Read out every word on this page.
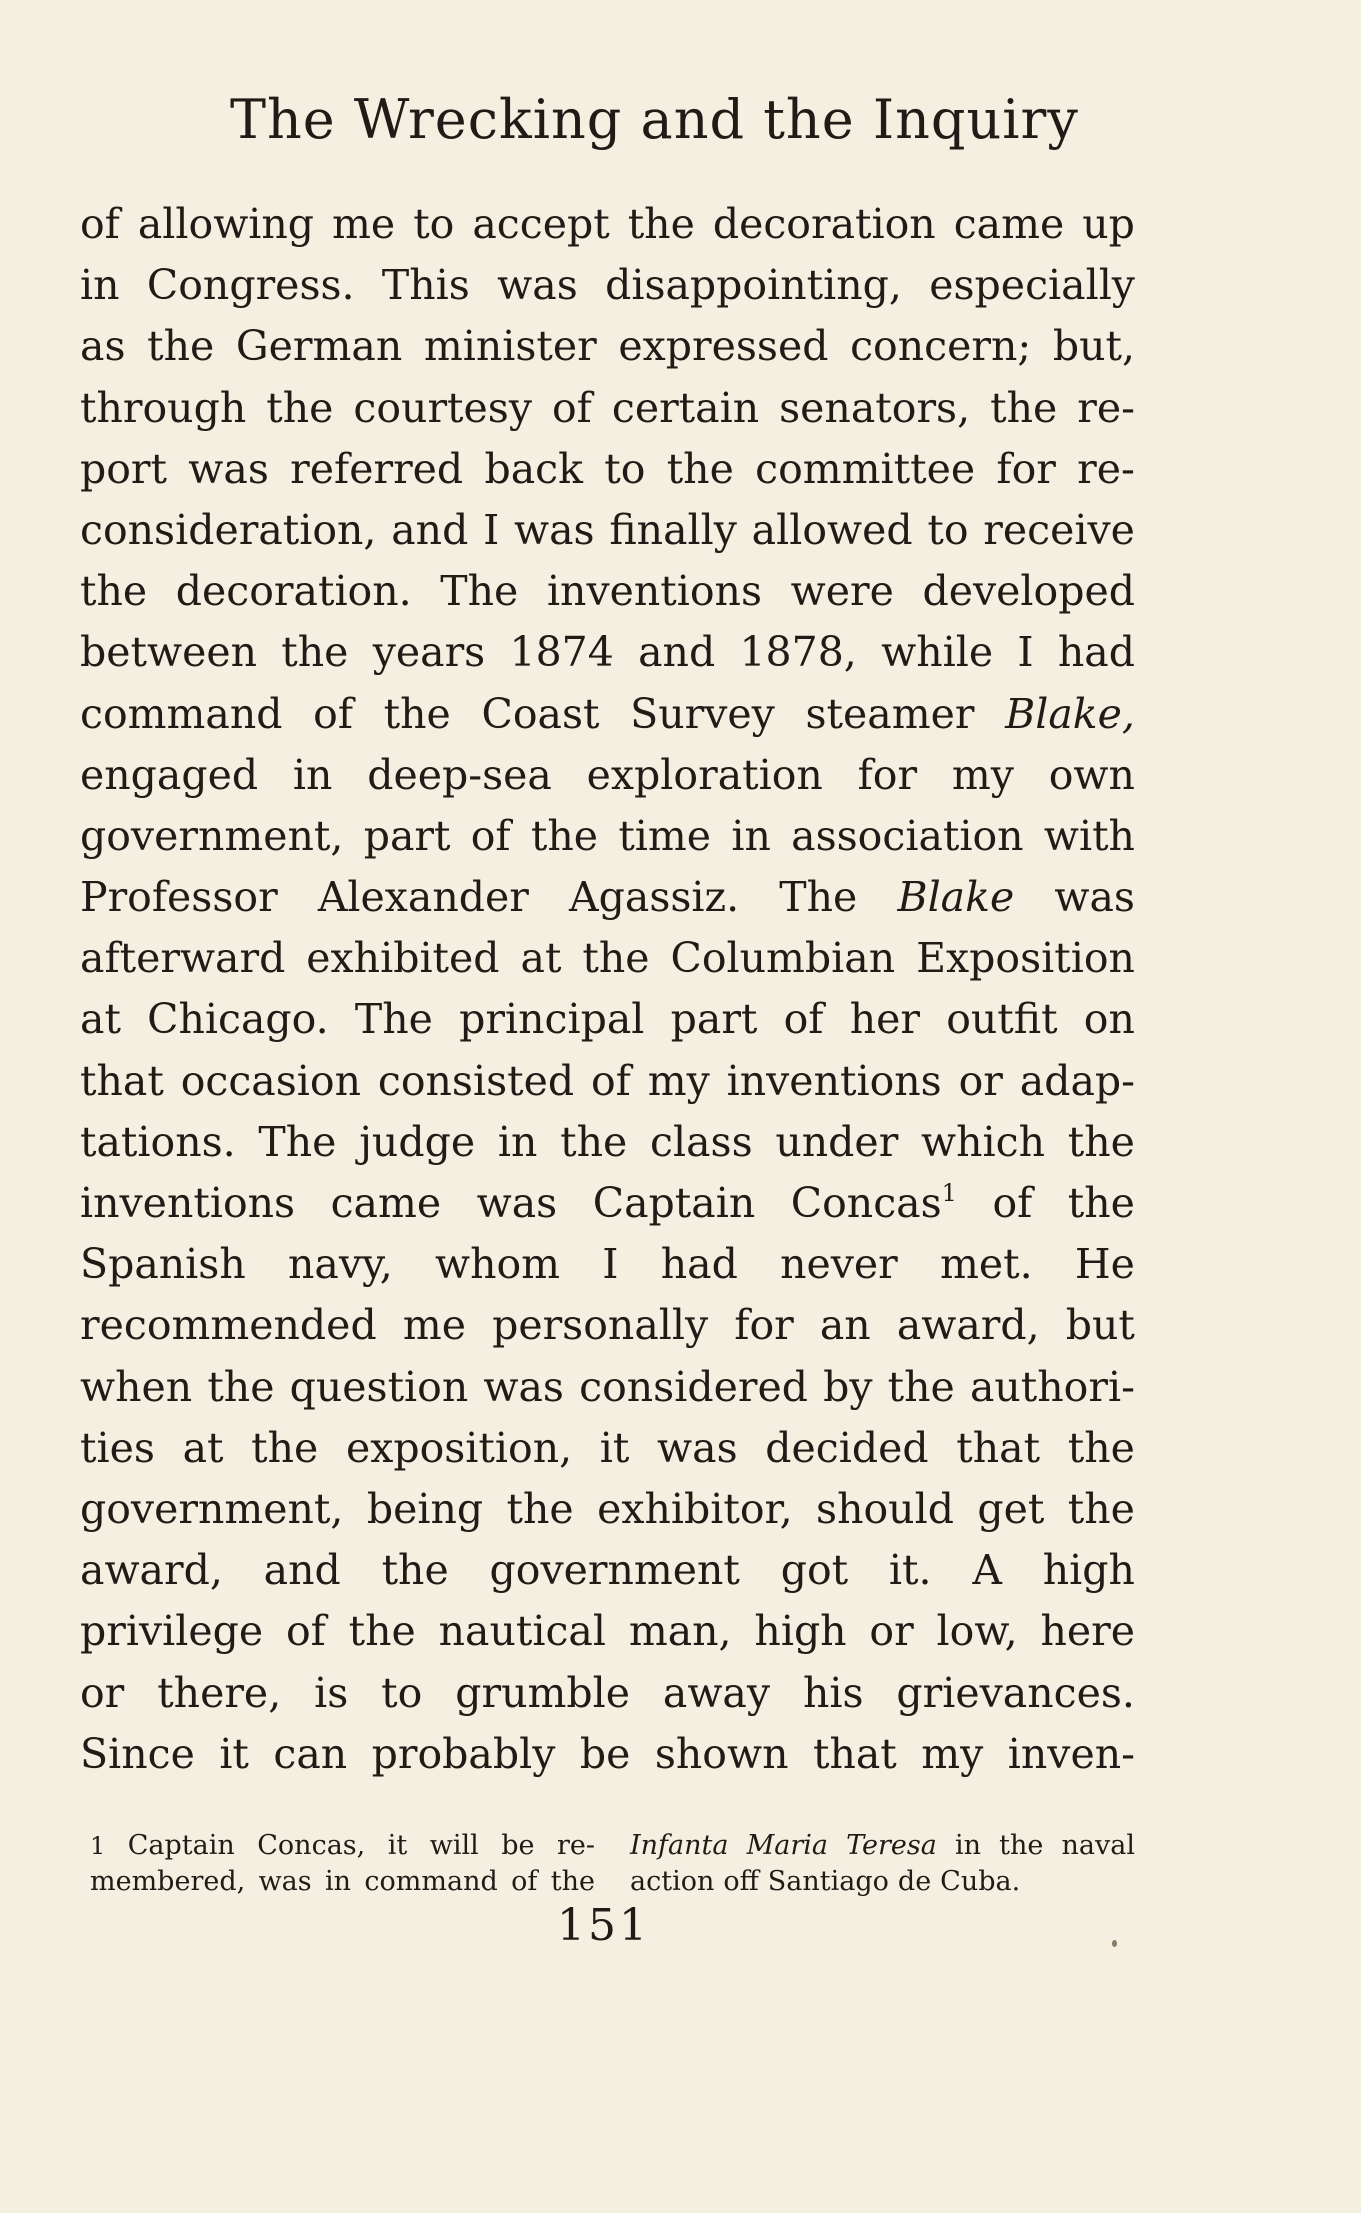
The Wrecking and the Inquiry
of allowing me to accept the decoration came up
in Congress. This was disappointing, especially
as the German minister expressed concern; but,
through the courtesy of certain senators, the re-
port was referred back to the committee for re-
consideration, and I was finally allowed to receive
the decoration. The inventions were developed
between the years 1874 and 1878, while I had
command of the Coast Survey steamer Blake,
engaged in deep-sea exploration for my own
government, part of the time in association with
Professor Alexander Agassiz. The Blake was
afterward exhibited at the Columbian Exposition
at Chicago. The principal part of her outfit on
that occasion consisted of my inventions or adap-
tations. The judge in the class under which the
inventions came was Captain Concas$^1$ of the
Spanish navy, whom I had never met. He
recommended me personally for an award, but
when the question was considered by the authori-
ties at the exposition, it was decided that the
government, being the exhibitor, should get the
award, and the government got it. A high
privilege of the nautical man, high or low, here
or there, is to grumble away his grievances.
Since it can probably be shown that my inven-
1 Captain Concas, it will be re-
membered, was in command of the
Infanta Maria Teresa in the naval
action off Santiago de Cuba.
151
